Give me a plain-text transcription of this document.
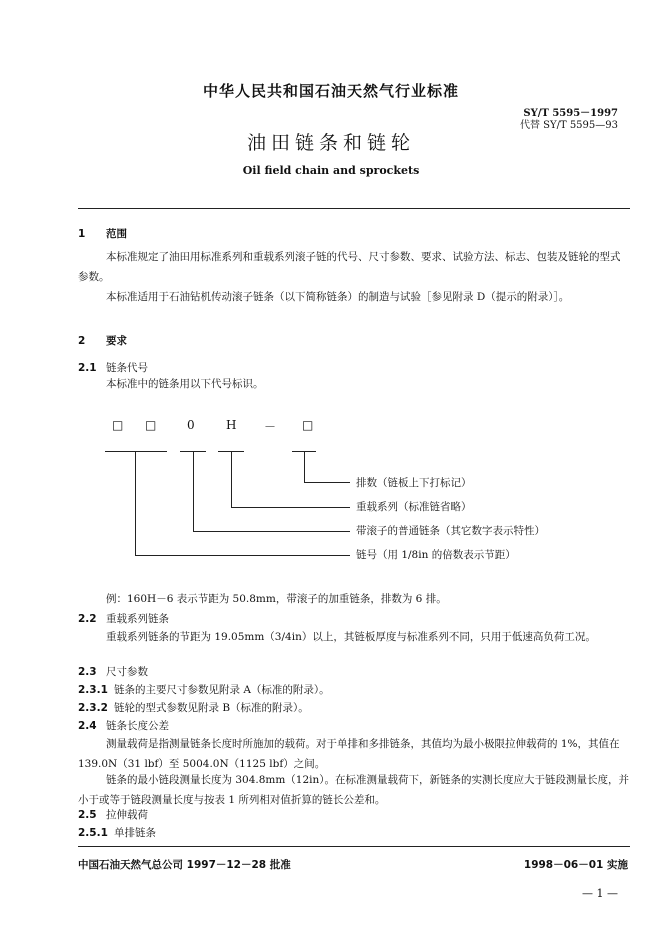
中华人民共和国石油天然气行业标准
SY/T 5595－1997
代替 SY/T 5595—93
油田链条和链轮
Oil field chain and sprockets
1 范围
本标准规定了油田用标准系列和重载系列滚子链的代号、尺寸参数、要求、试验方法、标志、包装及链轮的型式参数。
本标准适用于石油钻机传动滚子链条（以下简称链条）的制造与试验［参见附录 D（提示的附录）］。
2 要求
2.1 链条代号
本标准中的链条用以下代号标识。
□ □	0	H － □
排数（链板上下打标记）
重载系列（标准链省略）
带滚子的普通链条（其它数字表示特性）
链号（用 1/8in 的倍数表示节距）
例：160H－6 表示节距为 50.8mm，带滚子的加重链条，排数为 6 排。
2.2 重载系列链条
重载系列链条的节距为 19.05mm（3/4in）以上，其链板厚度与标准系列不同，只用于低速高负荷工况。
2.3 尺寸参数
2.3.1 链条的主要尺寸参数见附录 A（标准的附录）。
2.3.2 链轮的型式参数见附录 B（标准的附录）。
2.4 链条长度公差
测量载荷是指测量链条长度时所施加的载荷。对于单排和多排链条，其值均为最小极限拉伸载荷的 1%，其值在 139.0N（31 lbf）至 5004.0N（1125 lbf）之间。
链条的最小链段测量长度为 304.8mm（12in）。在标准测量载荷下，新链条的实测长度应大于链段测量长度，并小于或等于链段测量长度与按表 1 所列相对值折算的链长公差和。
2.5 拉伸载荷
2.5.1 单排链条
中国石油天然气总公司 1997－12－28 批准	1998－06－01 实施
— 1 —
